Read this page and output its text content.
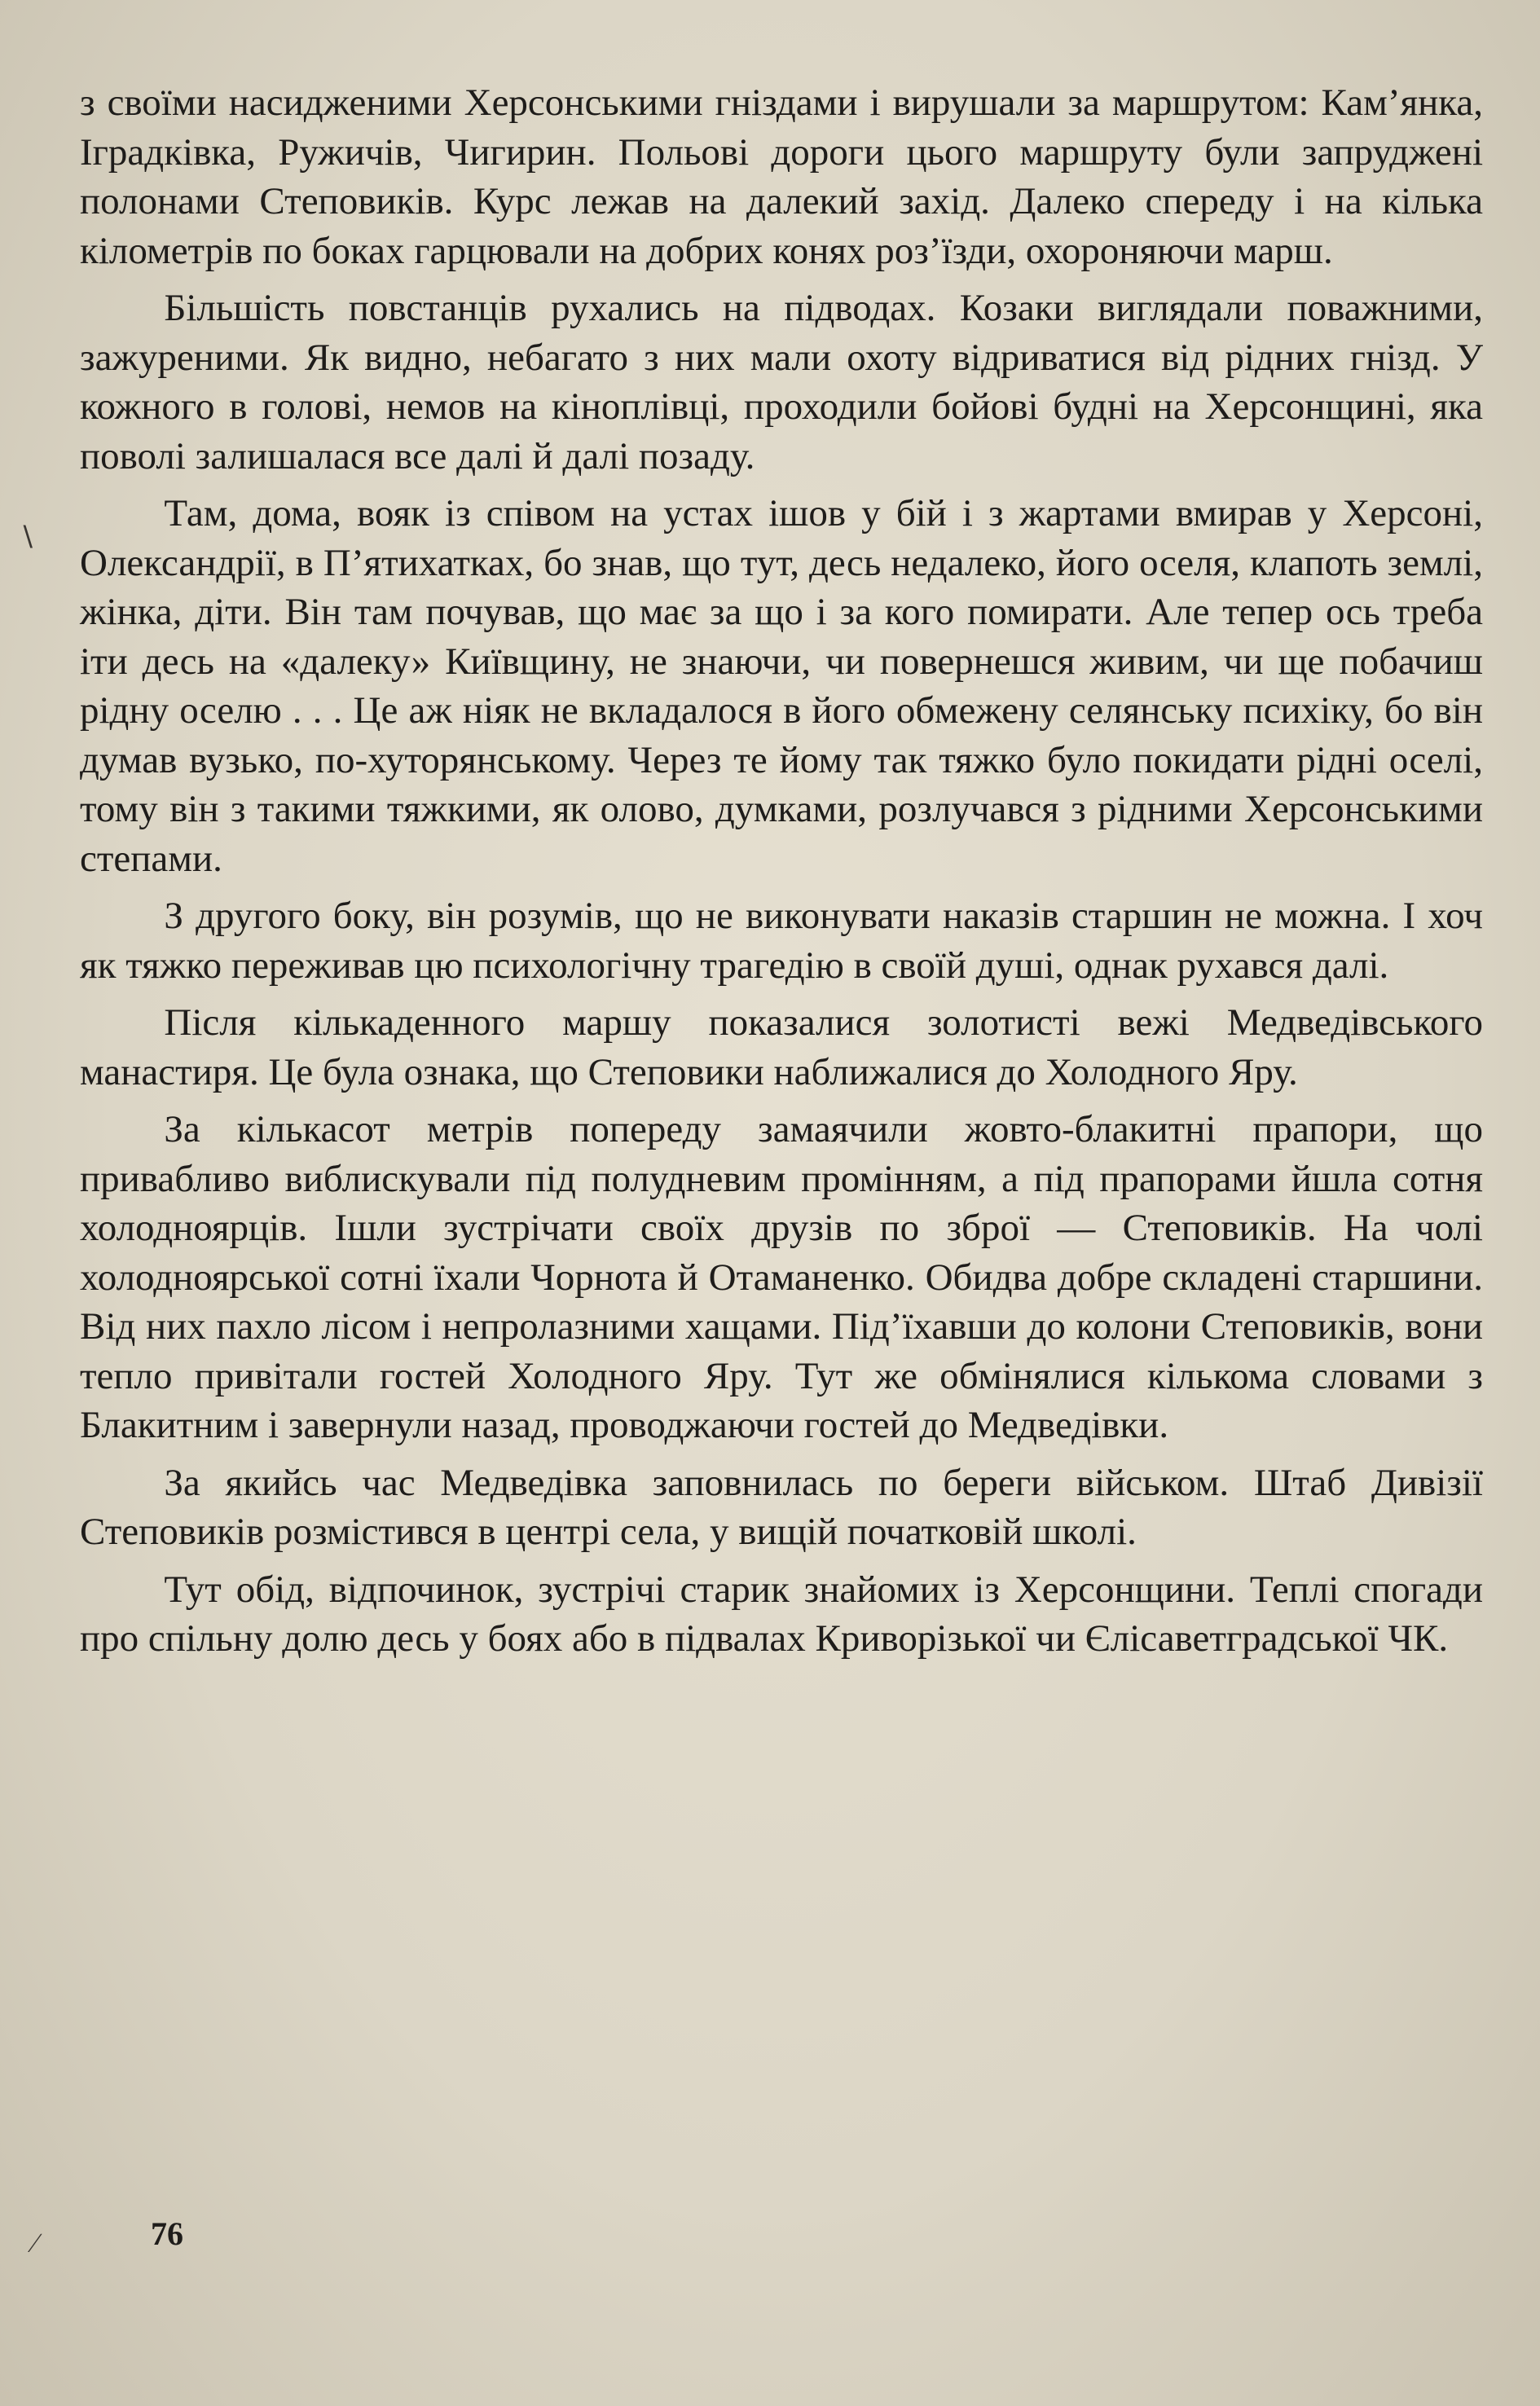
з своїми насидженими Херсонськими гніздами і вирушали за маршрутом: Кам’янка, Іградківка, Ружичів, Чигирин. Польові дороги цього маршруту були запруджені полонами Степовиків. Курс лежав на далекий захід. Далеко спереду і на кілька кілометрів по боках гарцювали на добрих конях роз’їзди, охороняючи марш.

Більшість повстанців рухались на підводах. Козаки виглядали поважними, зажуреними. Як видно, небагато з них мали охоту відриватися від рідних гнізд. У кожного в голові, немов на кіноплівці, проходили бойові будні на Херсонщині, яка поволі залишалася все далі й далі позаду.

Там, дома, вояк із співом на устах ішов у бій і з жартами вмирав у Херсоні, Олександрії, в П’ятихатках, бо знав, що тут, десь недалеко, його оселя, клапоть землі, жінка, діти. Він там почував, що має за що і за кого помирати. Але тепер ось треба іти десь на «далеку» Київщину, не знаючи, чи повернешся живим, чи ще побачиш рідну оселю . . . Це аж ніяк не вкладалося в його обмежену селянську психіку, бо він думав вузько, по-хуторянському. Через те йому так тяжко було покидати рідні оселі, тому він з такими тяжкими, як олово, думками, розлучався з рідними Херсонськими степами.

З другого боку, він розумів, що не виконувати наказів старшин не можна. І хоч як тяжко переживав цю психологічну трагедію в своїй душі, однак рухався далі.

Після кількаденного маршу показалися золотисті вежі Медведівського манастиря. Це була ознака, що Степовики наближалися до Холодного Яру.

За кількасот метрів попереду замаячили жовто-блакитні прапори, що привабливо виблискували під полудневим промінням, а під прапорами йшла сотня холодноярців. Ішли зустрічати своїх друзів по зброї — Степовиків. На чолі холодноярської сотні їхали Чорнота й Отаманенко. Обидва добре складені старшини. Від них пахло лісом і непролазними хащами. Під’їхавши до колони Степовиків, вони тепло привітали гостей Холодного Яру. Тут же обмінялися кількома словами з Блакитним і завернули назад, проводжаючи гостей до Медведівки.

За якийсь час Медведівка заповнилась по береги військом. Штаб Дивізії Степовиків розмістився в центрі села, у вищій початковій школі.

Тут обід, відпочинок, зустрічі старик знайомих із Херсонщини. Теплі спогади про спільну долю десь у боях або в підвалах Криворізької чи Єлісаветградської ЧК.

76
∖
∕
